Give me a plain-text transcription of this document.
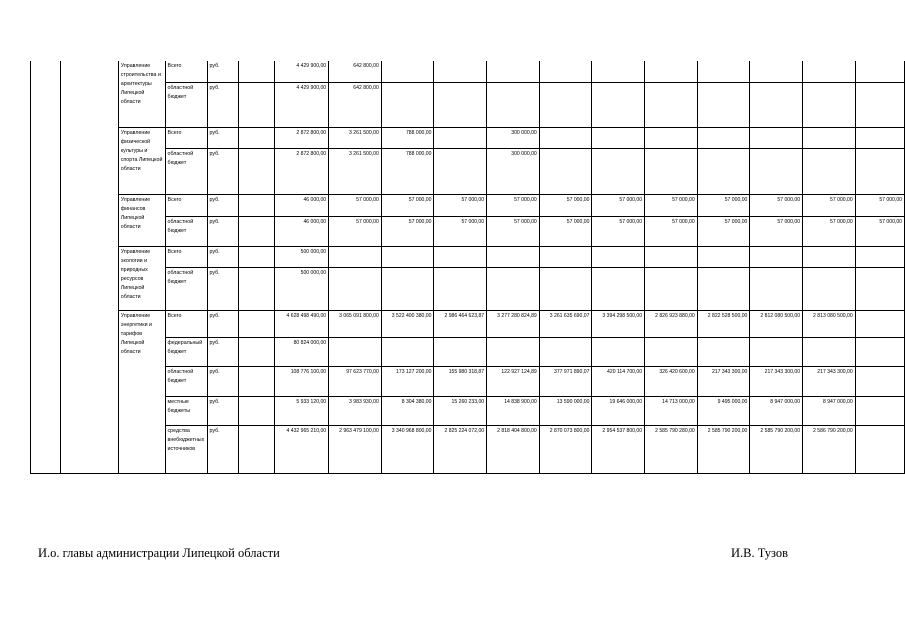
		Управление строительства и архитектуры Липецкой области	Всего	руб.		4 429 900,00	642 800,00										
			областной бюджет	руб.		4 429 900,00	642 800,00										
		Управление физической культуры и спорта Липецкой области	Всего	руб.		2 872 800,00	3 261 500,00	788 000,00		300 000,00							
			областной бюджет	руб.		2 872 800,00	3 261 500,00	788 000,00		300 000,00							
		Управление финансов Липецкой области	Всего	руб.		46 000,00	57 000,00	57 000,00	57 000,00	57 000,00	57 000,00	57 000,00	57 000,00	57 000,00	57 000,00	57 000,00	57 000,00
			областной бюджет	руб.		46 000,00	57 000,00	57 000,00	57 000,00	57 000,00	57 000,00	57 000,00	57 000,00	57 000,00	57 000,00	57 000,00	57 000,00
		Управление экологии и природных ресурсов Липецкой области	Всего	руб.		500 000,00											
			областной бюджет	руб.		500 000,00											
		Управление энергетики и тарифов Липецкой области	Всего	руб.		4 628 498 490,00	3 065 091 800,00	3 522 400 380,00	2 986 464 623,87	3 277 280 824,89	3 261 635 690,07	3 394 298 500,00	2 826 923 880,00	2 822 528 500,00	2 812 080 500,00	2 813 080 500,00	
			федеральный бюджет	руб.		80 824 000,00											
			областной бюджет	руб.		108 776 100,00	97 623 770,00	173 127 200,00	155 980 318,87	122 927 124,89	377 971 890,07	420 114 700,00	326 420 600,00	217 343 300,00	217 343 300,00	217 343 300,00	
			местные бюджеты	руб.		5 933 120,00	3 983 930,00	8 304 380,00	15 260 233,00	14 838 900,00	13 590 000,00	19 646 000,00	14 713 000,00	9 495 000,00	8 947 000,00	8 947 000,00	
			средства внебюджетных источников	руб.		4 432 965 210,00	2 963 479 100,00	3 340 968 800,00	2 825 224 072,00	2 818 404 800,00	2 870 073 800,00	2 954 537 800,00	2 585 790 280,00	2 585 790 200,00	2 585 790 200,00	2 586 790 200,00	
И.о. главы администрации Липецкой области	И.В. Тузов
